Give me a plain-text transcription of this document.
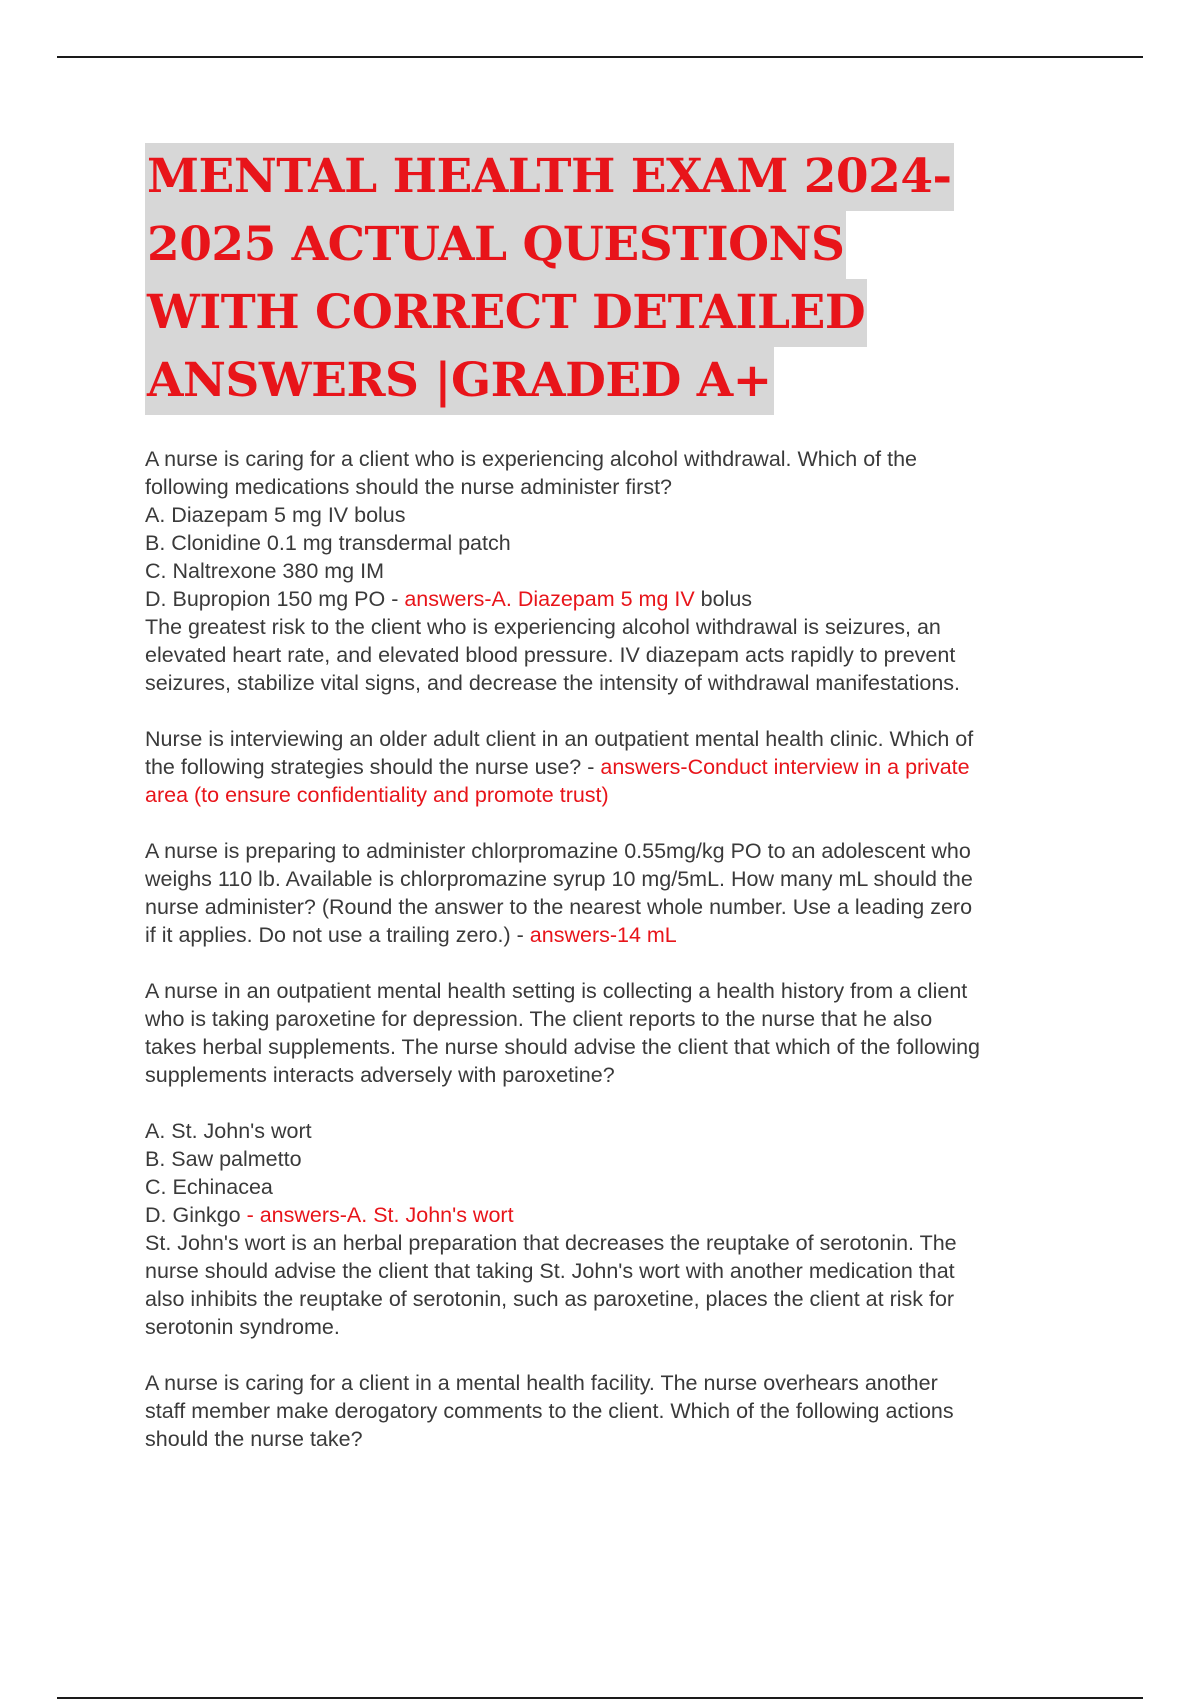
MENTAL HEALTH EXAM 2024-
2025 ACTUAL QUESTIONS
WITH CORRECT DETAILED
ANSWERS |GRADED A+

A nurse is caring for a client who is experiencing alcohol withdrawal. Which of the

following medications should the nurse administer first?

A. Diazepam 5 mg IV bolus

B. Clonidine 0.1 mg transdermal patch

C. Naltrexone 380 mg IM

D. Bupropion 150 mg PO - answers-A. Diazepam 5 mg IV bolus

The greatest risk to the client who is experiencing alcohol withdrawal is seizures, an

elevated heart rate, and elevated blood pressure. IV diazepam acts rapidly to prevent

seizures, stabilize vital signs, and decrease the intensity of withdrawal manifestations.

Nurse is interviewing an older adult client in an outpatient mental health clinic. Which of

the following strategies should the nurse use? - answers-Conduct interview in a private

area (to ensure confidentiality and promote trust)

A nurse is preparing to administer chlorpromazine 0.55mg/kg PO to an adolescent who

weighs 110 lb. Available is chlorpromazine syrup 10 mg/5mL. How many mL should the

nurse administer? (Round the answer to the nearest whole number. Use a leading zero

if it applies. Do not use a trailing zero.) - answers-14 mL

A nurse in an outpatient mental health setting is collecting a health history from a client

who is taking paroxetine for depression. The client reports to the nurse that he also

takes herbal supplements. The nurse should advise the client that which of the following

supplements interacts adversely with paroxetine?

A. St. John's wort

B. Saw palmetto

C. Echinacea

D. Ginkgo - answers-A. St. John's wort

St. John's wort is an herbal preparation that decreases the reuptake of serotonin. The

nurse should advise the client that taking St. John's wort with another medication that

also inhibits the reuptake of serotonin, such as paroxetine, places the client at risk for

serotonin syndrome.

A nurse is caring for a client in a mental health facility. The nurse overhears another

staff member make derogatory comments to the client. Which of the following actions

should the nurse take?
